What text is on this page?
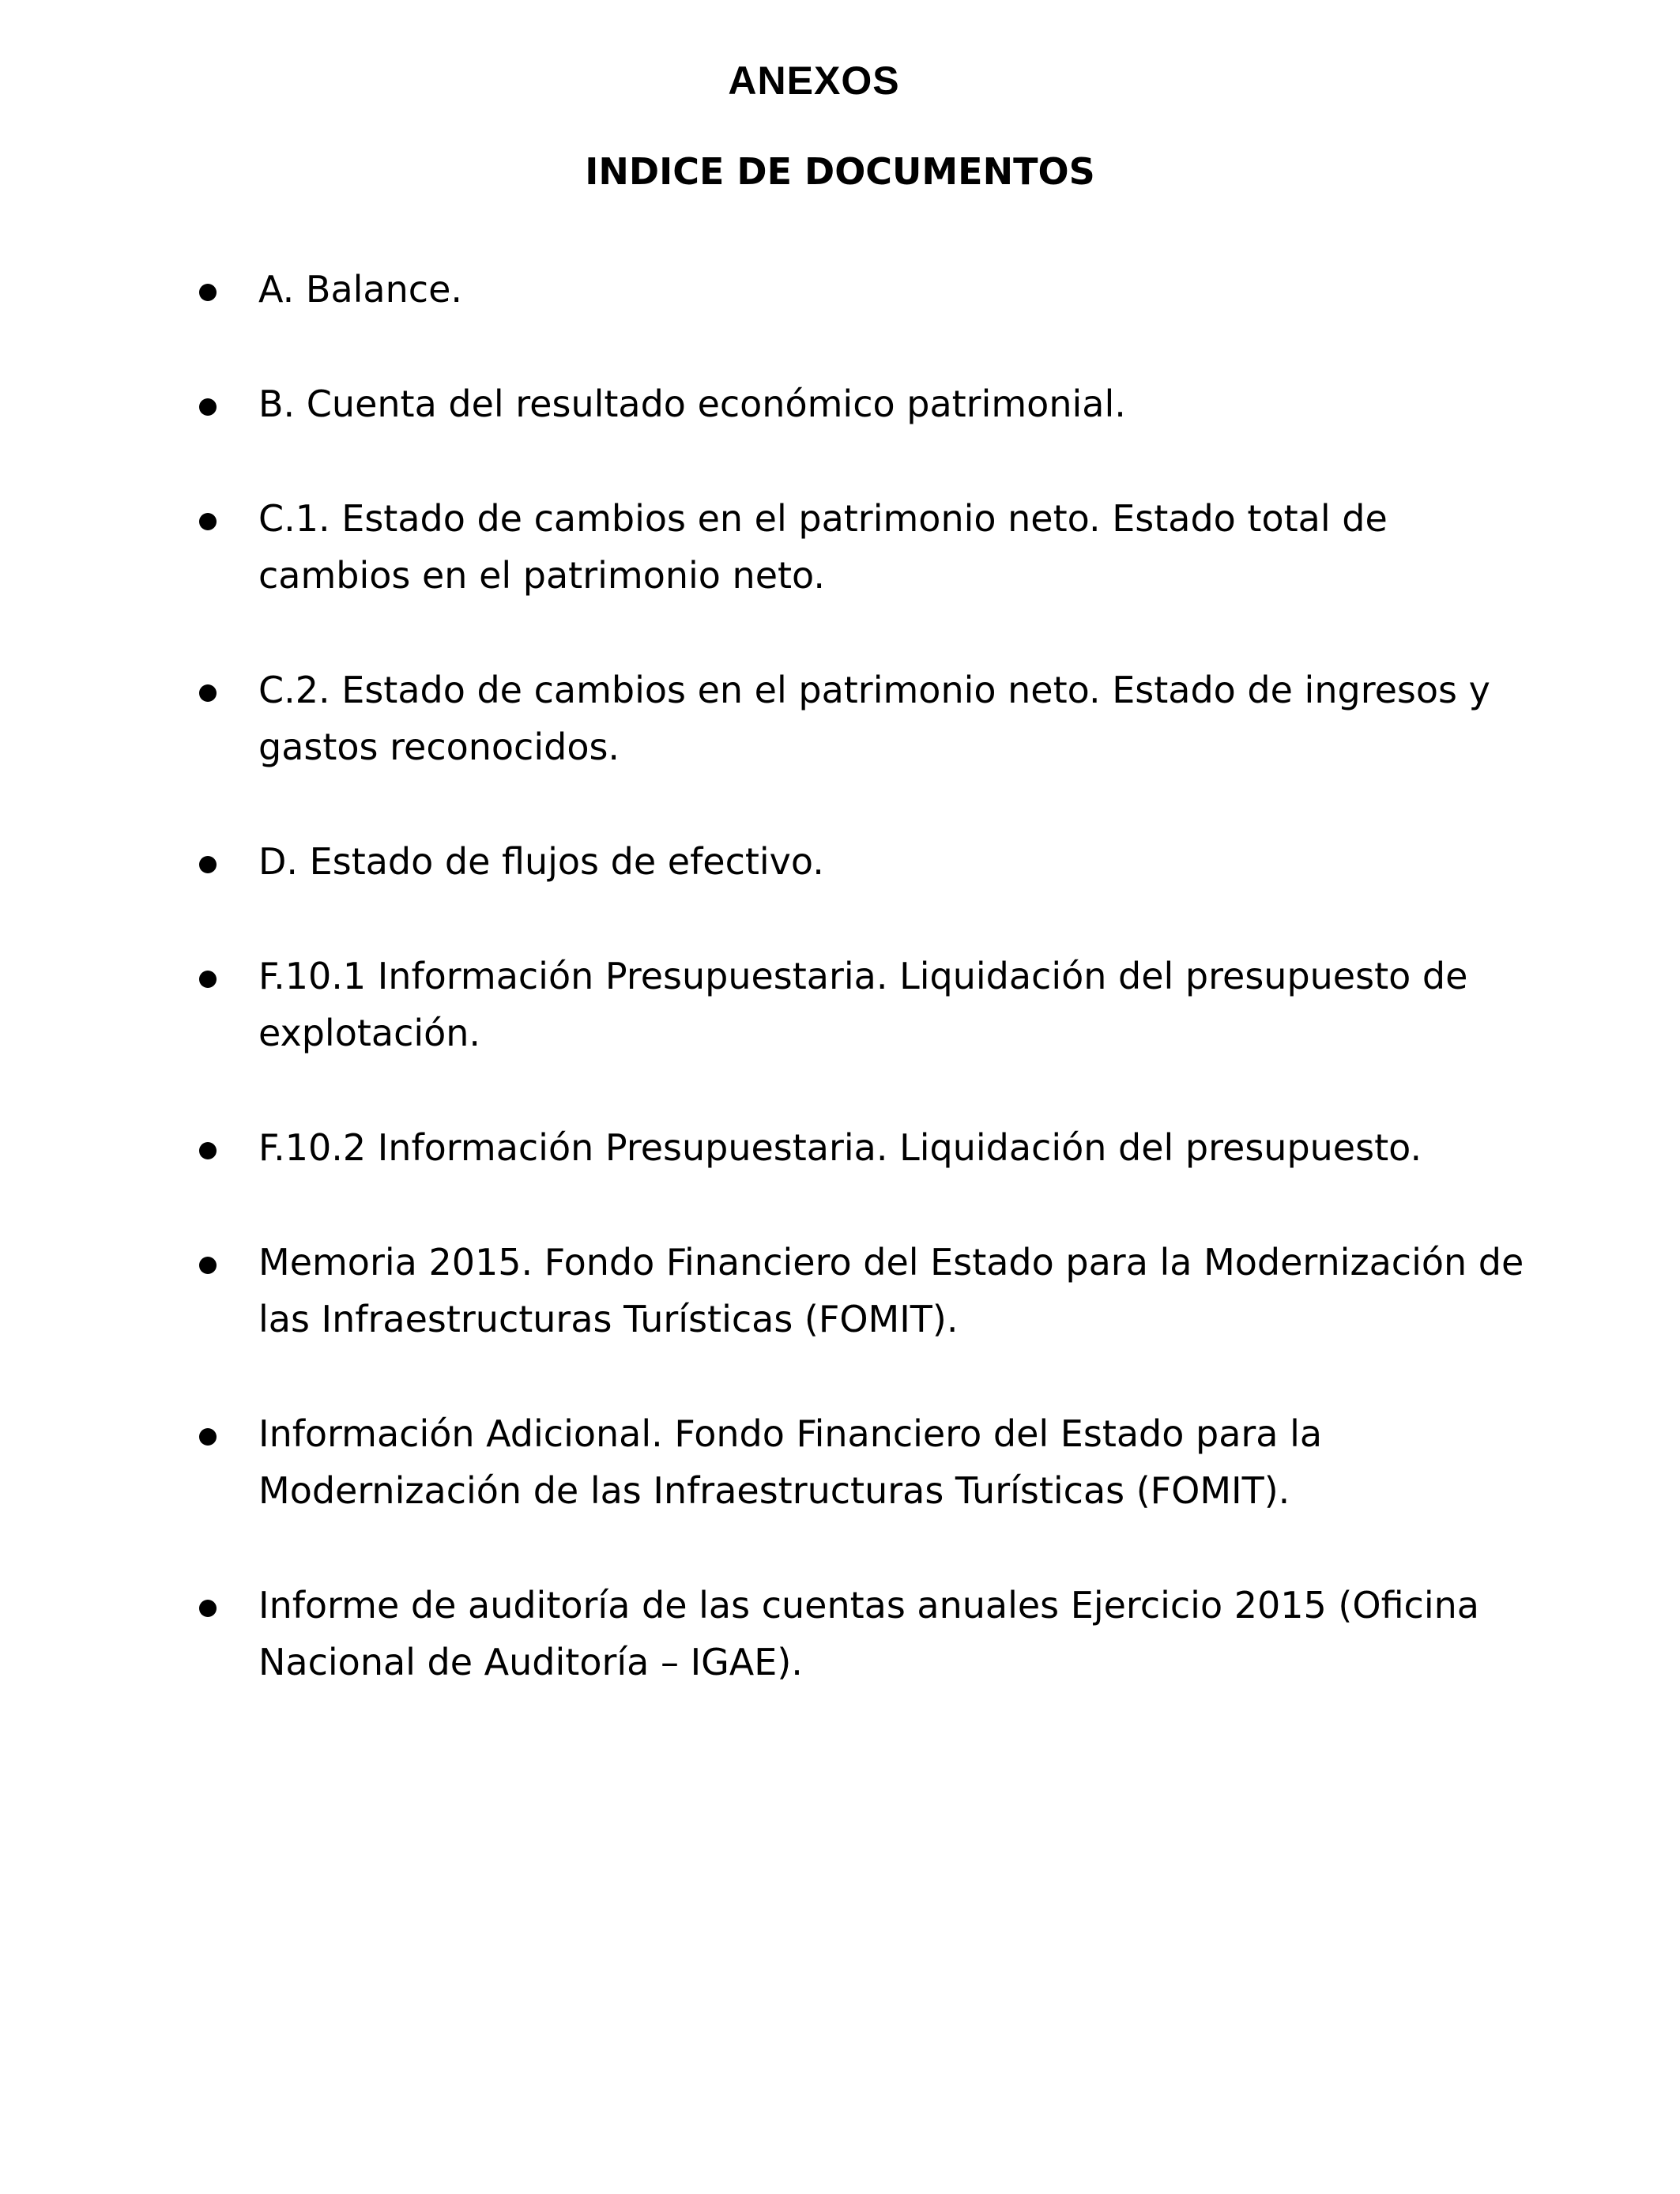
ANEXOS
INDICE DE DOCUMENTOS
A. Balance.
B. Cuenta del resultado económico patrimonial.
C.1. Estado de cambios en el patrimonio neto. Estado total de cambios en el patrimonio neto.
C.2. Estado de cambios en el patrimonio neto. Estado de ingresos y gastos reconocidos.
D. Estado de flujos de efectivo.
F.10.1 Información Presupuestaria. Liquidación del presupuesto de explotación.
F.10.2 Información Presupuestaria. Liquidación del presupuesto.
Memoria 2015. Fondo Financiero del Estado para la Modernización de las Infraestructuras Turísticas (FOMIT).
Información Adicional. Fondo Financiero del Estado para la Modernización de las Infraestructuras Turísticas (FOMIT).
Informe de auditoría de las cuentas anuales Ejercicio 2015 (Oficina Nacional de Auditoría – IGAE).
